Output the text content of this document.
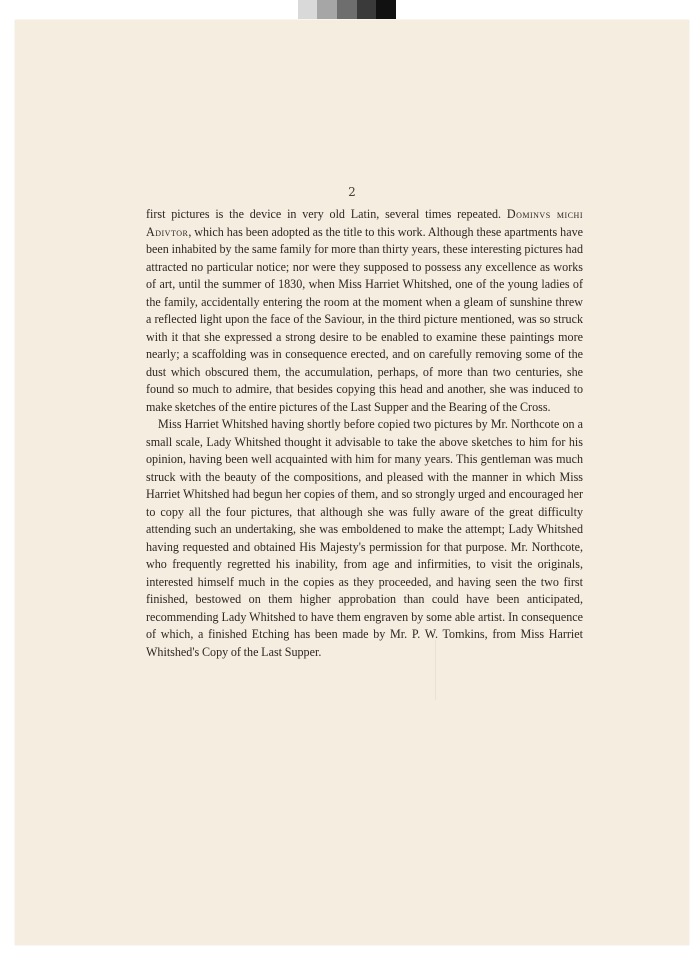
2

first pictures is the device in very old Latin, several times repeated. Dominvs michi Adivtor, which has been adopted as the title to this work. Although these apartments have been inhabited by the same family for more than thirty years, these interesting pictures had attracted no particular notice; nor were they supposed to possess any excellence as works of art, until the summer of 1830, when Miss Harriet Whitshed, one of the young ladies of the family, accidentally entering the room at the moment when a gleam of sunshine threw a reflected light upon the face of the Saviour, in the third picture mentioned, was so struck with it that she expressed a strong desire to be enabled to examine these paintings more nearly; a scaffolding was in consequence erected, and on carefully removing some of the dust which obscured them, the accumulation, perhaps, of more than two centuries, she found so much to admire, that besides copying this head and another, she was induced to make sketches of the entire pictures of the Last Supper and the Bearing of the Cross.

Miss Harriet Whitshed having shortly before copied two pictures by Mr. Northcote on a small scale, Lady Whitshed thought it advisable to take the above sketches to him for his opinion, having been well acquainted with him for many years. This gentleman was much struck with the beauty of the compositions, and pleased with the manner in which Miss Harriet Whitshed had begun her copies of them, and so strongly urged and encouraged her to copy all the four pictures, that although she was fully aware of the great difficulty attending such an undertaking, she was emboldened to make the attempt; Lady Whitshed having requested and obtained His Majesty's permission for that purpose. Mr. Northcote, who frequently regretted his inability, from age and infirmities, to visit the originals, interested himself much in the copies as they proceeded, and having seen the two first finished, bestowed on them higher approbation than could have been anticipated, recommending Lady Whitshed to have them engraven by some able artist. In consequence of which, a finished Etching has been made by Mr. P. W. Tomkins, from Miss Harriet Whitshed's Copy of the Last Supper.
